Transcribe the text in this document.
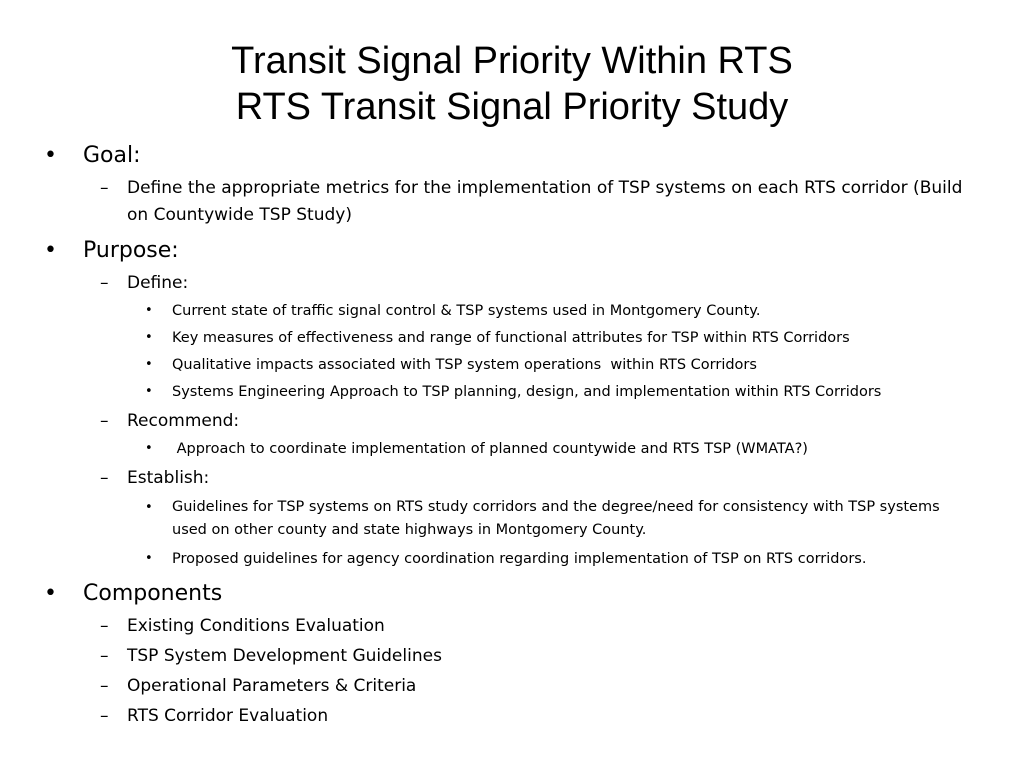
Transit Signal Priority Within RTS
RTS Transit Signal Priority Study
• Goal:
– Define the appropriate metrics for the implementation of TSP systems on each RTS corridor (Build on Countywide TSP Study)
• Purpose:
– Define:
• Current state of traffic signal control & TSP systems used in Montgomery County.
• Key measures of effectiveness and range of functional attributes for TSP within RTS Corridors
• Qualitative impacts associated with TSP system operations  within RTS Corridors
• Systems Engineering Approach to TSP planning, design, and implementation within RTS Corridors
– Recommend:
• Approach to coordinate implementation of planned countywide and RTS TSP (WMATA?)
– Establish:
• Guidelines for TSP systems on RTS study corridors and the degree/need for consistency with TSP systems used on other county and state highways in Montgomery County.
• Proposed guidelines for agency coordination regarding implementation of TSP on RTS corridors.
• Components
– Existing Conditions Evaluation
– TSP System Development Guidelines
– Operational Parameters & Criteria
– RTS Corridor Evaluation
